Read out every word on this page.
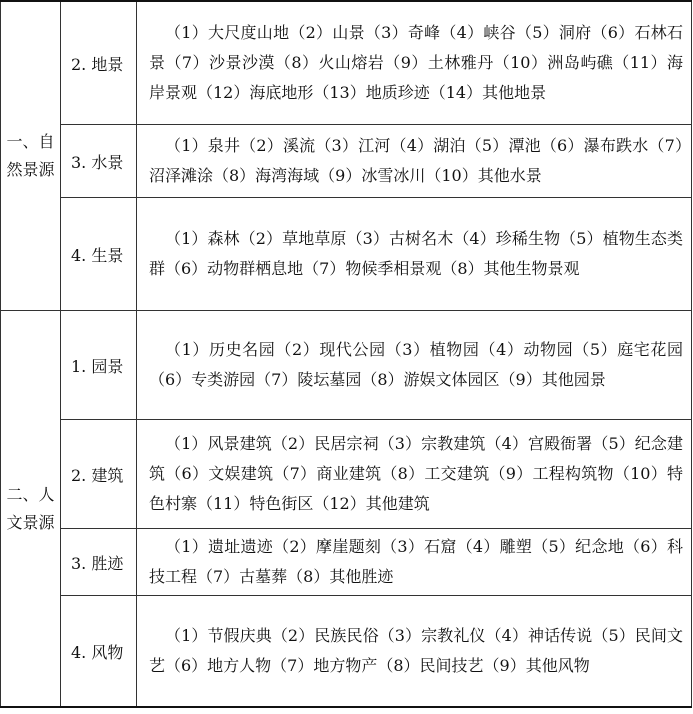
一、自然景源	2. 地景	（1）大尺度山地（2）山景（3）奇峰（4）峡谷（5）洞府（6）石林石景（7）沙景沙漠（8）火山熔岩（9）土林雅丹（10）洲岛屿礁（11）海岸景观（12）海底地形（13）地质珍迹（14）其他地景
	3. 水景	（1）泉井（2）溪流（3）江河（4）湖泊（5）潭池（6）瀑布跌水（7）沼泽滩涂（8）海湾海域（9）冰雪冰川（10）其他水景
	4. 生景	（1）森林（2）草地草原（3）古树名木（4）珍稀生物（5）植物生态类群（6）动物群栖息地（7）物候季相景观（8）其他生物景观
二、人文景源	1. 园景	（1）历史名园（2）现代公园（3）植物园（4）动物园（5）庭宅花园（6）专类游园（7）陵坛墓园（8）游娱文体园区（9）其他园景
	2. 建筑	（1）风景建筑（2）民居宗祠（3）宗教建筑（4）宫殿衙署（5）纪念建筑（6）文娱建筑（7）商业建筑（8）工交建筑（9）工程构筑物（10）特色村寨（11）特色街区（12）其他建筑
	3. 胜迹	（1）遗址遗迹（2）摩崖题刻（3）石窟（4）雕塑（5）纪念地（6）科技工程（7）古墓葬（8）其他胜迹
	4. 风物	（1）节假庆典（2）民族民俗（3）宗教礼仪（4）神话传说（5）民间文艺（6）地方人物（7）地方物产（8）民间技艺（9）其他风物
